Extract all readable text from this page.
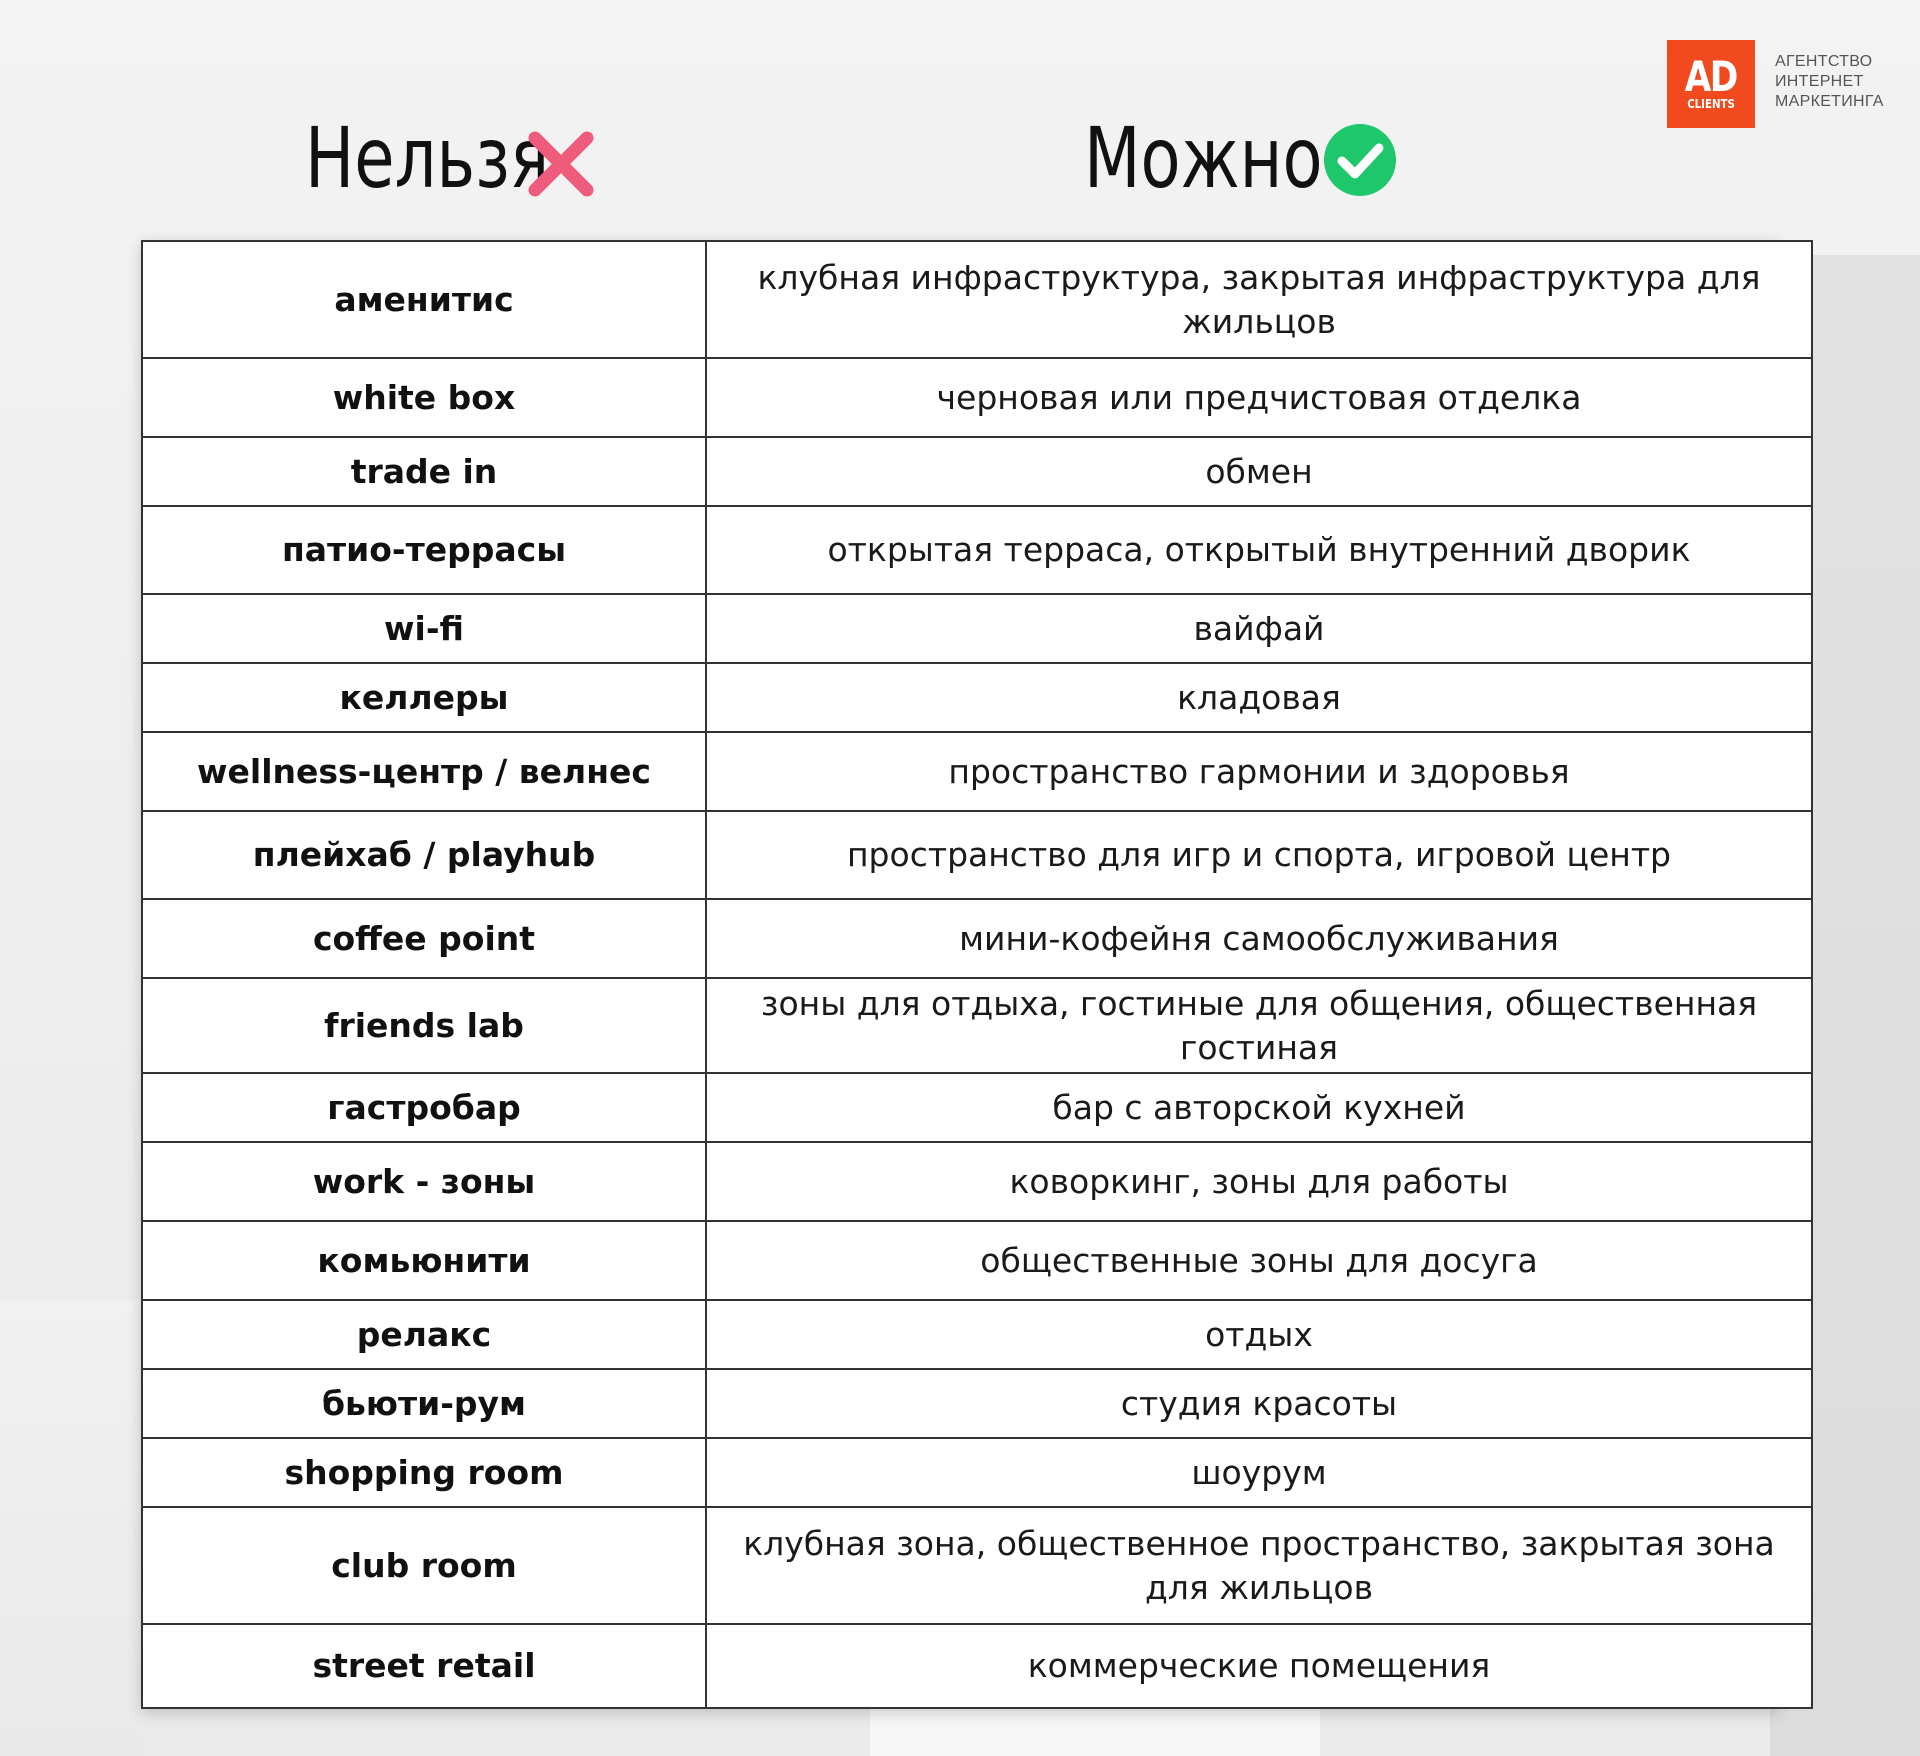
AD
CLIENTS
АГЕНТСТВО
ИНТЕРНЕТ
МАРКЕТИНГА
Нельзя	Можно
аменитис	клубная инфраструктура, закрытая инфраструктура для жильцов
white box	черновая или предчистовая отделка
trade in	обмен
патио-террасы	открытая терраса, открытый внутренний дворик
wi-fi	вайфай
келлеры	кладовая
wellness-центр / велнес	пространство гармонии и здоровья
плейхаб / playhub	пространство для игр и спорта, игровой центр
coffee point	мини-кофейня самообслуживания
friends lab	зоны для отдыха, гостиные для общения, общественная гостиная
гастробар	бар с авторской кухней
work - зоны	коворкинг, зоны для работы
комьюнити	общественные зоны для досуга
релакс	отдых
бьюти-рум	студия красоты
shopping room	шоурум
club room	клубная зона, общественное пространство, закрытая зона для жильцов
street retail	коммерческие помещения
